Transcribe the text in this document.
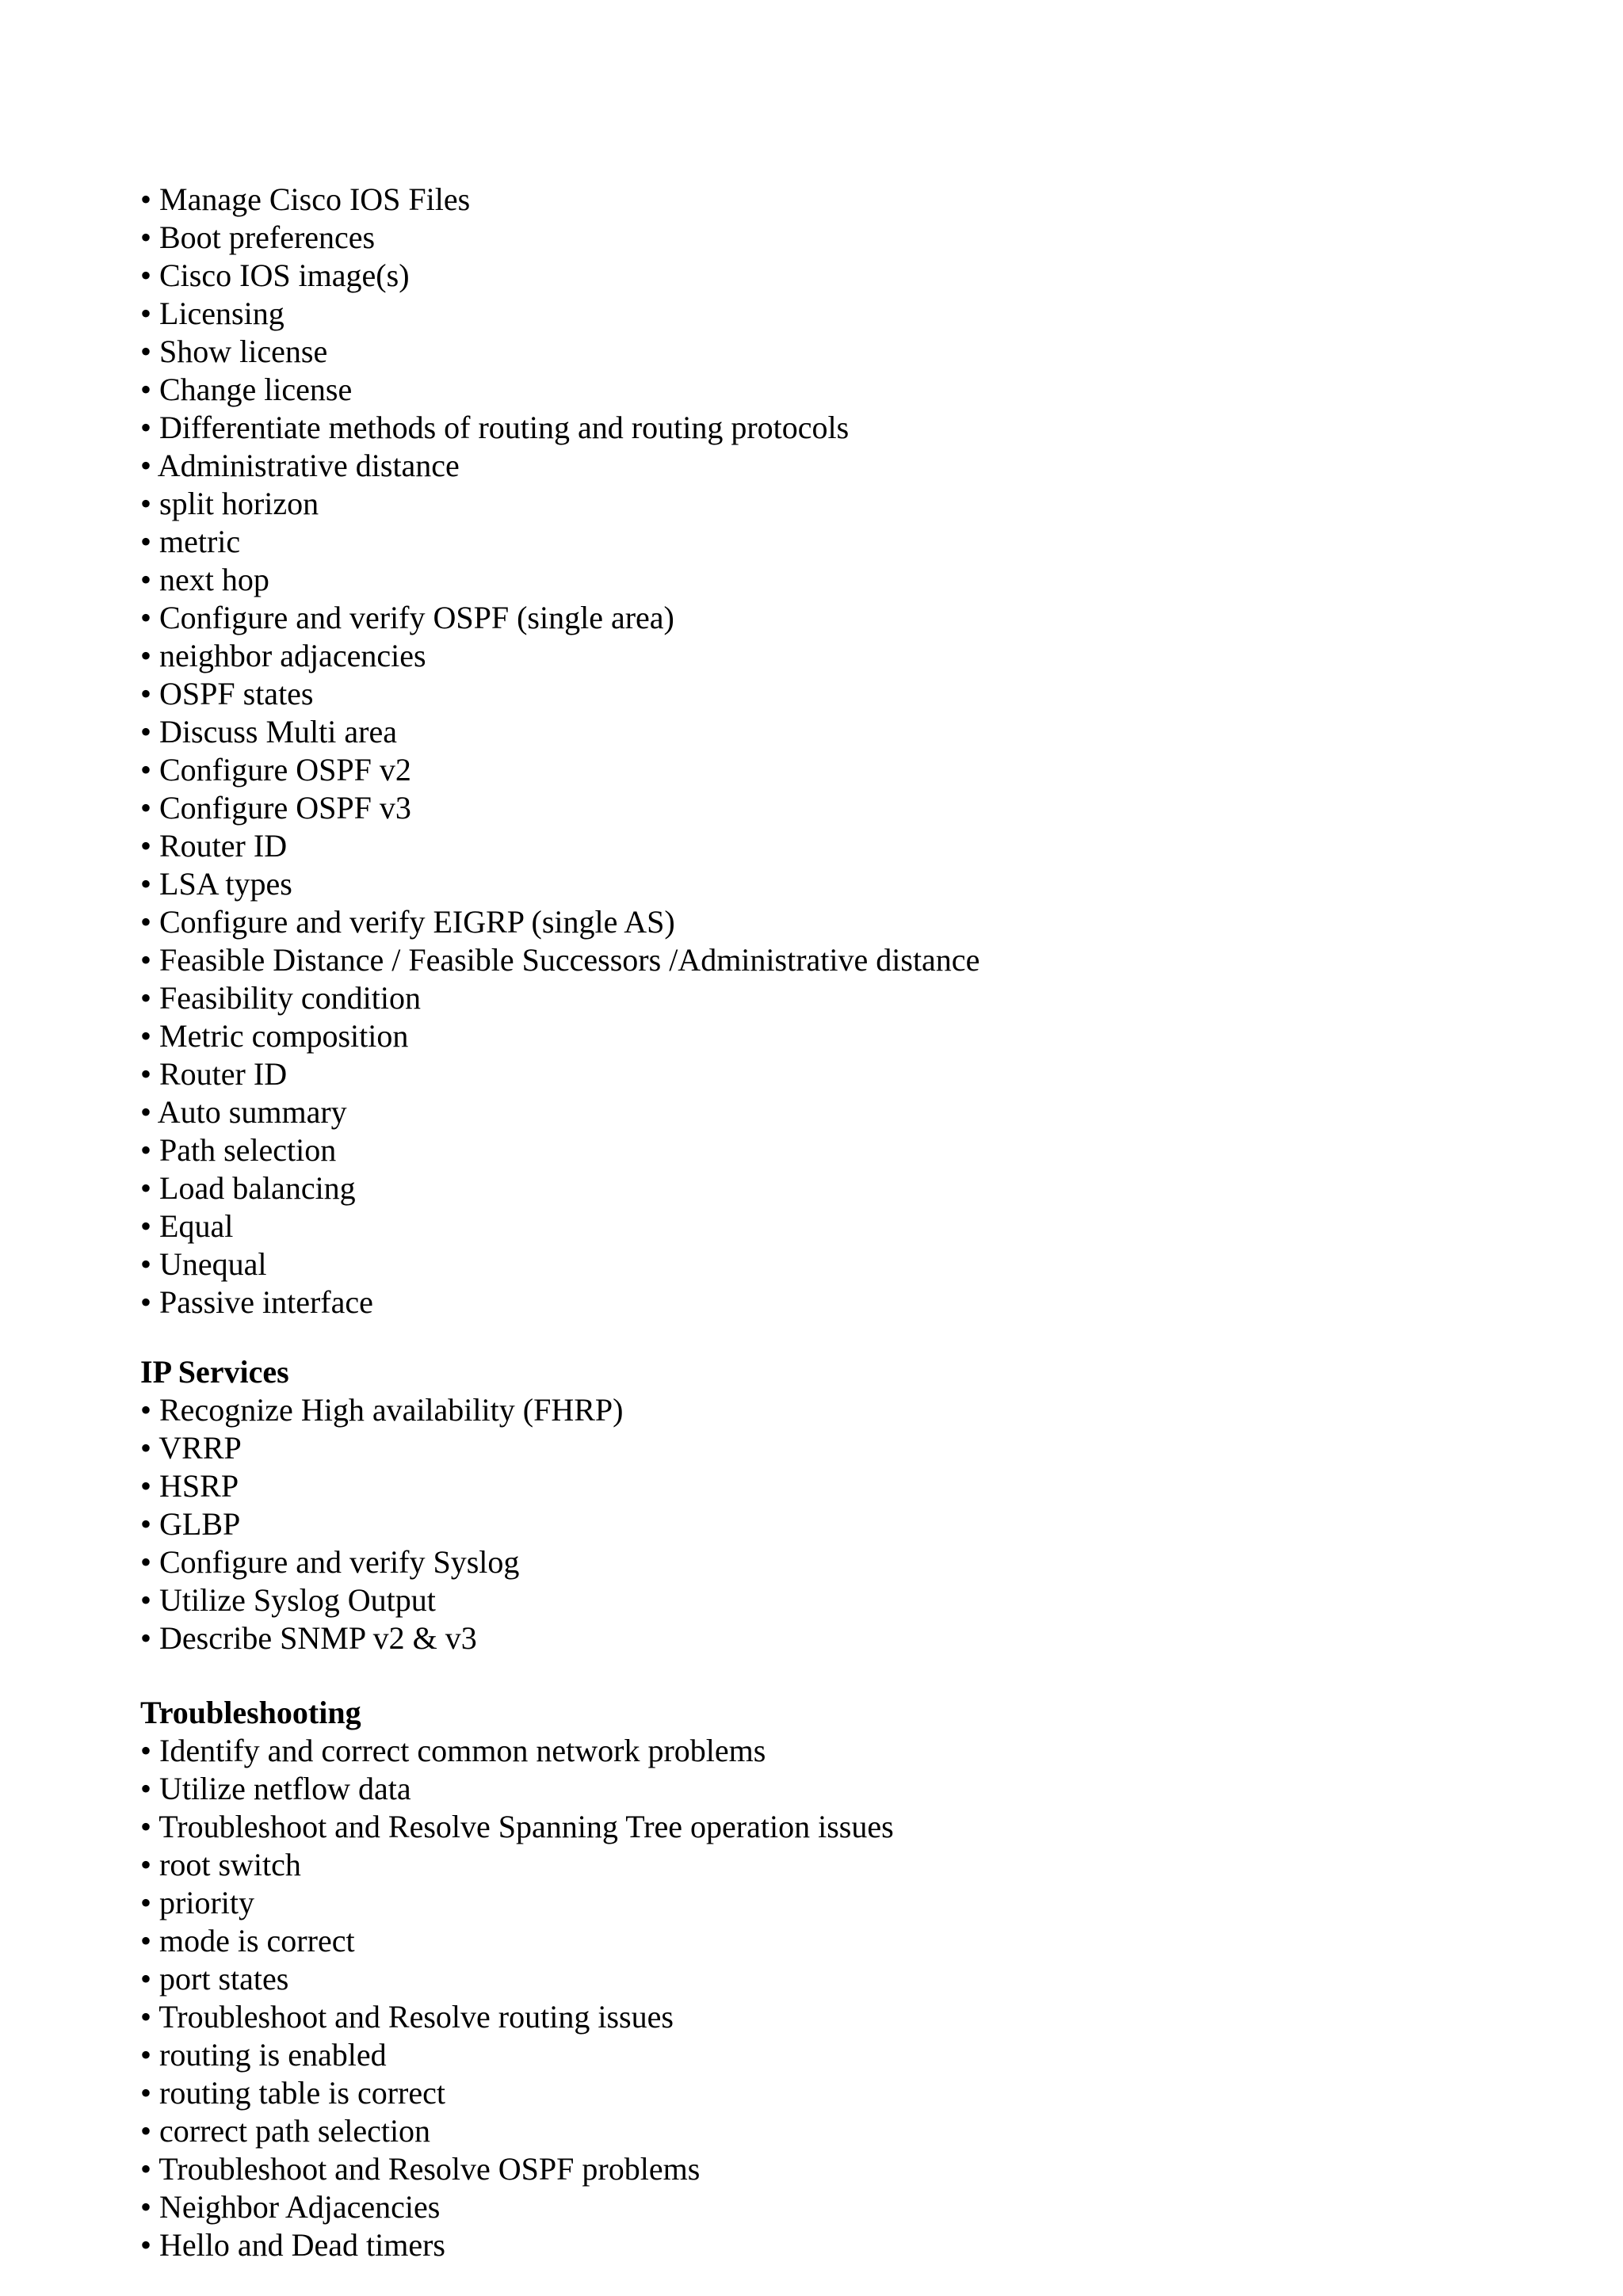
• Manage Cisco IOS Files
• Boot preferences
• Cisco IOS image(s)
• Licensing
• Show license
• Change license
• Differentiate methods of routing and routing protocols
• Administrative distance
• split horizon
• metric
• next hop
• Configure and verify OSPF (single area)
• neighbor adjacencies
• OSPF states
• Discuss Multi area
• Configure OSPF v2
• Configure OSPF v3
• Router ID
• LSA types
• Configure and verify EIGRP (single AS)
• Feasible Distance / Feasible Successors /Administrative distance
• Feasibility condition
• Metric composition
• Router ID
• Auto summary
• Path selection
• Load balancing
• Equal
• Unequal
• Passive interface
IP Services
• Recognize High availability (FHRP)
• VRRP
• HSRP
• GLBP
• Configure and verify Syslog
• Utilize Syslog Output
• Describe SNMP v2 & v3
Troubleshooting
• Identify and correct common network problems
• Utilize netflow data
• Troubleshoot and Resolve Spanning Tree operation issues
• root switch
• priority
• mode is correct
• port states
• Troubleshoot and Resolve routing issues
• routing is enabled
• routing table is correct
• correct path selection
• Troubleshoot and Resolve OSPF problems
• Neighbor Adjacencies
• Hello and Dead timers
